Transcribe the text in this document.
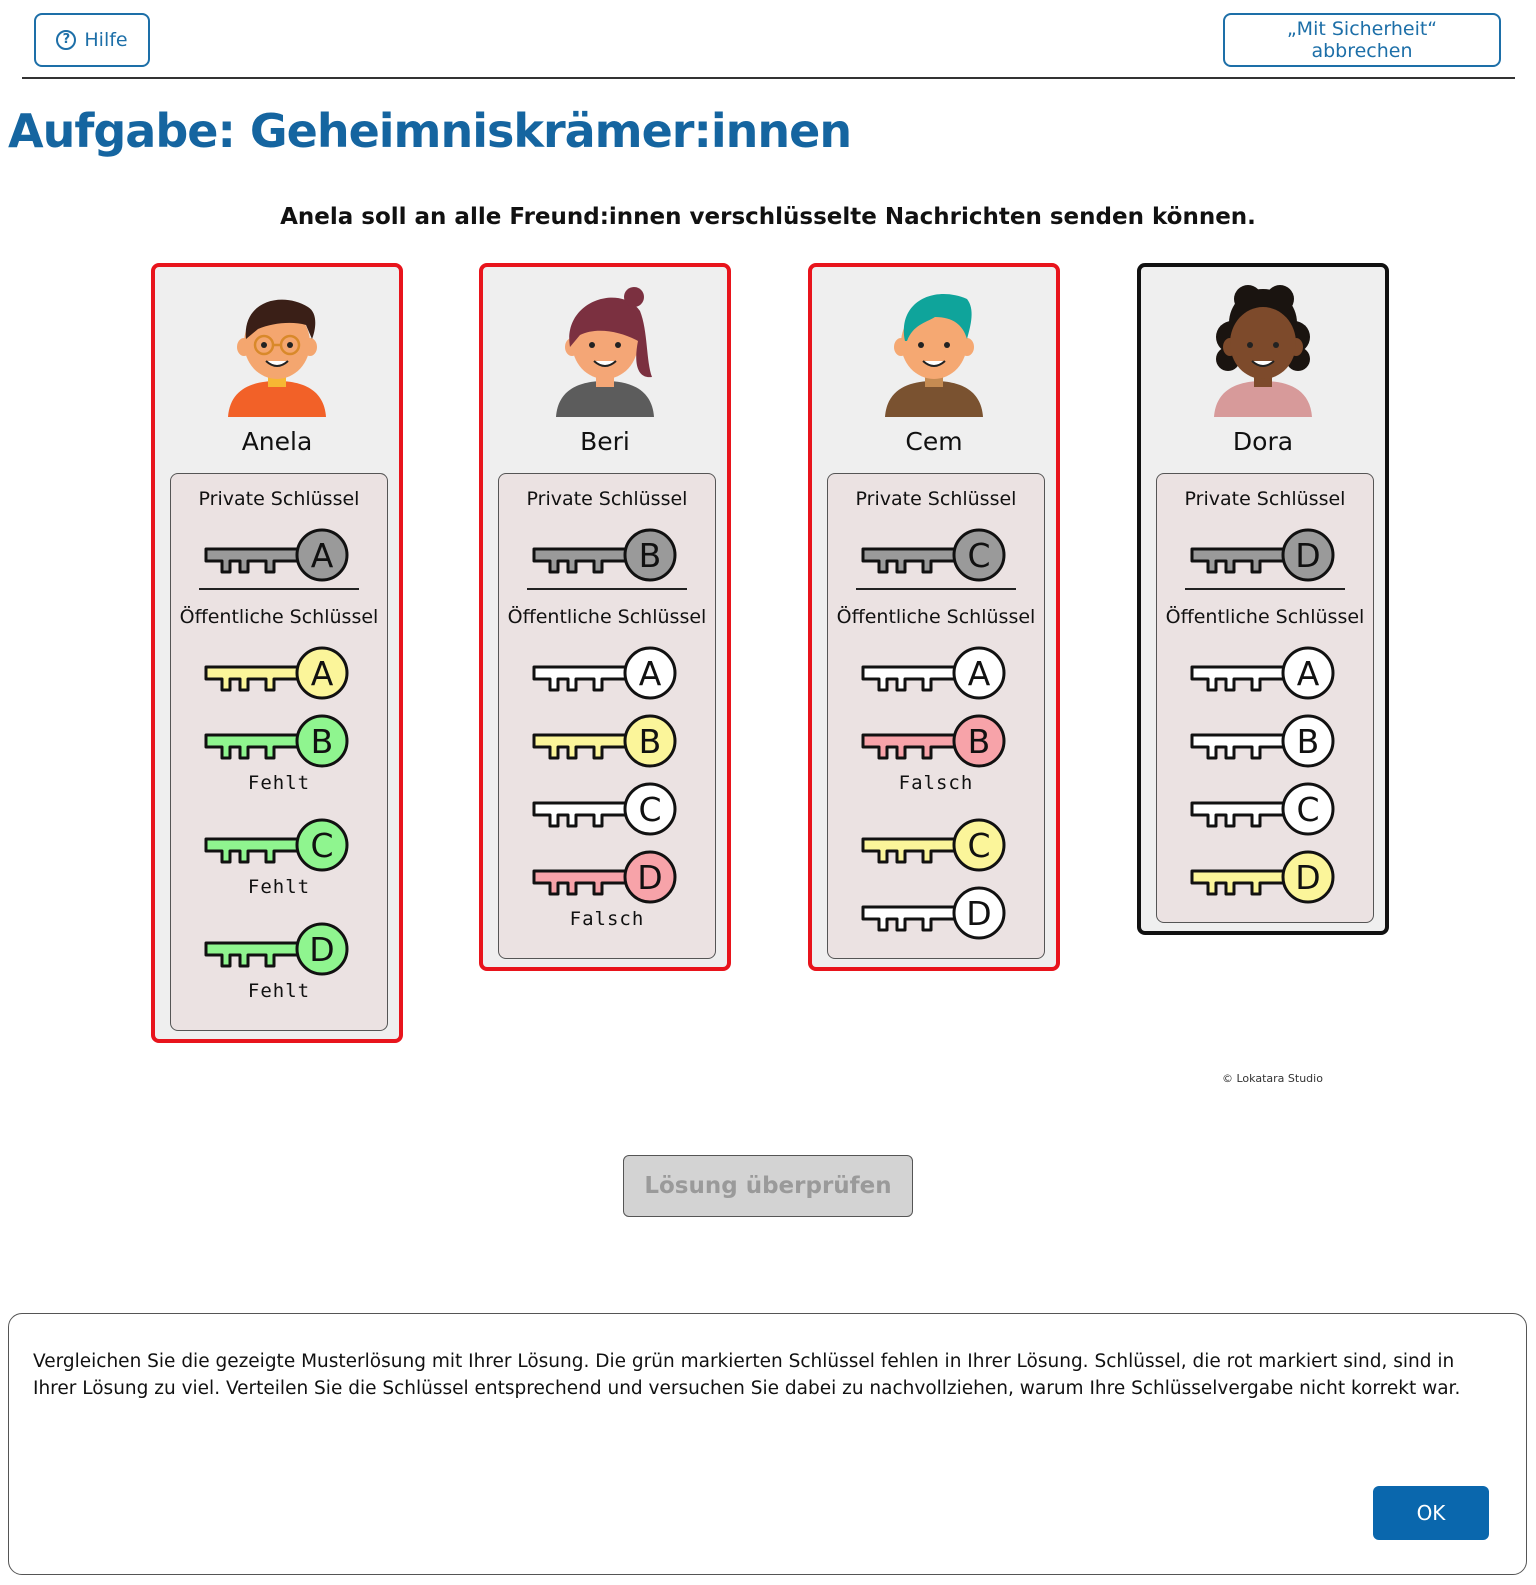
? Hilfe	„Mit Sicherheit“ abbrechen
Aufgabe: Geheimniskrämer:innen
Anela soll an alle Freund:innen verschlüsselte Nachrichten senden können.
Anela
Private Schlüssel
A
Öffentliche Schlüssel
A
B
Fehlt
C
Fehlt
D
Fehlt
Beri
Private Schlüssel
B
Öffentliche Schlüssel
A
B
C
D
Falsch
Cem
Private Schlüssel
C
Öffentliche Schlüssel
A
B
Falsch
C
D
Dora
Private Schlüssel
D
Öffentliche Schlüssel
A
B
C
D
© Lokatara Studio
Lösung überprüfen

Vergleichen Sie die gezeigte Musterlösung mit Ihrer Lösung. Die grün markierten Schlüssel fehlen in Ihrer Lösung. Schlüssel, die rot markiert sind, sind in Ihrer Lösung zu viel. Verteilen Sie die Schlüssel entsprechend und versuchen Sie dabei zu nachvollziehen, warum Ihre Schlüsselvergabe nicht korrekt war.

OK
